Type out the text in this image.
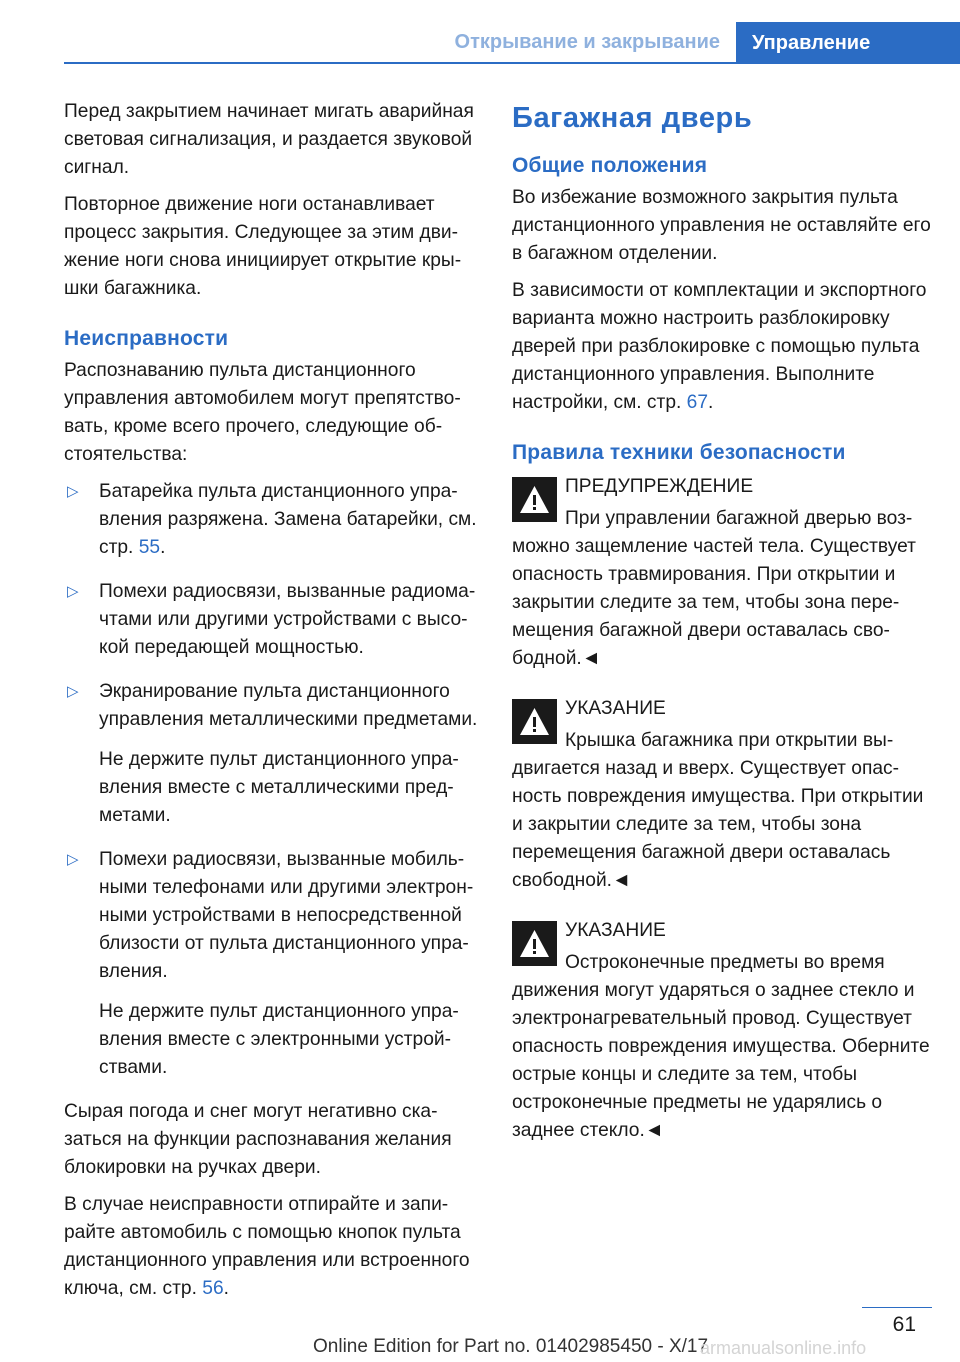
Открывание и закрывание	Управление

Перед закрытием начинает мигать аварийная световая сигнализация, и раздается звуковой сигнал.

Повторное движение ноги останавливает процесс закрытия. Следующее за этим движение ноги снова инициирует открытие крышки багажника.

Неисправности

Распознаванию пульта дистанционного управления автомобилем могут препятствовать, кроме всего прочего, следующие обстоятельства:

▷ Батарейка пульта дистанционного управления разряжена. Замена батарейки, см. стр. 55.

▷ Помехи радиосвязи, вызванные радиомачтами или другими устройствами с высокой передающей мощностью.

▷ Экранирование пульта дистанционного управления металлическими предметами.

Не держите пульт дистанционного управления вместе с металлическими предметами.

▷ Помехи радиосвязи, вызванные мобильными телефонами или другими электронными устройствами в непосредственной близости от пульта дистанционного управления.

Не держите пульт дистанционного управления вместе с электронными устройствами.

Сырая погода и снег могут негативно сказаться на функции распознавания желания блокировки на ручках двери.

В случае неисправности отпирайте и запирайте автомобиль с помощью кнопок пульта дистанционного управления или встроенного ключа, см. стр. 56.

Багажная дверь
Общие положения

Во избежание возможного закрытия пульта дистанционного управления не оставляйте его в багажном отделении.

В зависимости от комплектации и экспортного варианта можно настроить разблокировку дверей при разблокировке с помощью пульта дистанционного управления. Выполните настройки, см. стр. 67.

Правила техники безопасности
ПРЕДУПРЕЖДЕНИЕ
При управлении багажной дверью возможно защемление частей тела. Существует опасность травмирования. При открытии и закрытии следите за тем, чтобы зона перемещения багажной двери оставалась свободной.◄
УКАЗАНИЕ
Крышка багажника при открытии выдвигается назад и вверх. Существует опасность повреждения имущества. При открытии и закрытии следите за тем, чтобы зона перемещения багажной двери оставалась свободной.◄
УКАЗАНИЕ
Остроконечные предметы во время движения могут ударяться о заднее стекло и электронагревательный провод. Существует опасность повреждения имущества. Оберните острые концы и следите за тем, чтобы остроконечные предметы не ударялись о заднее стекло.◄
61
Online Edition for Part no. 01402985450 - X/17
armanualsonline.info
